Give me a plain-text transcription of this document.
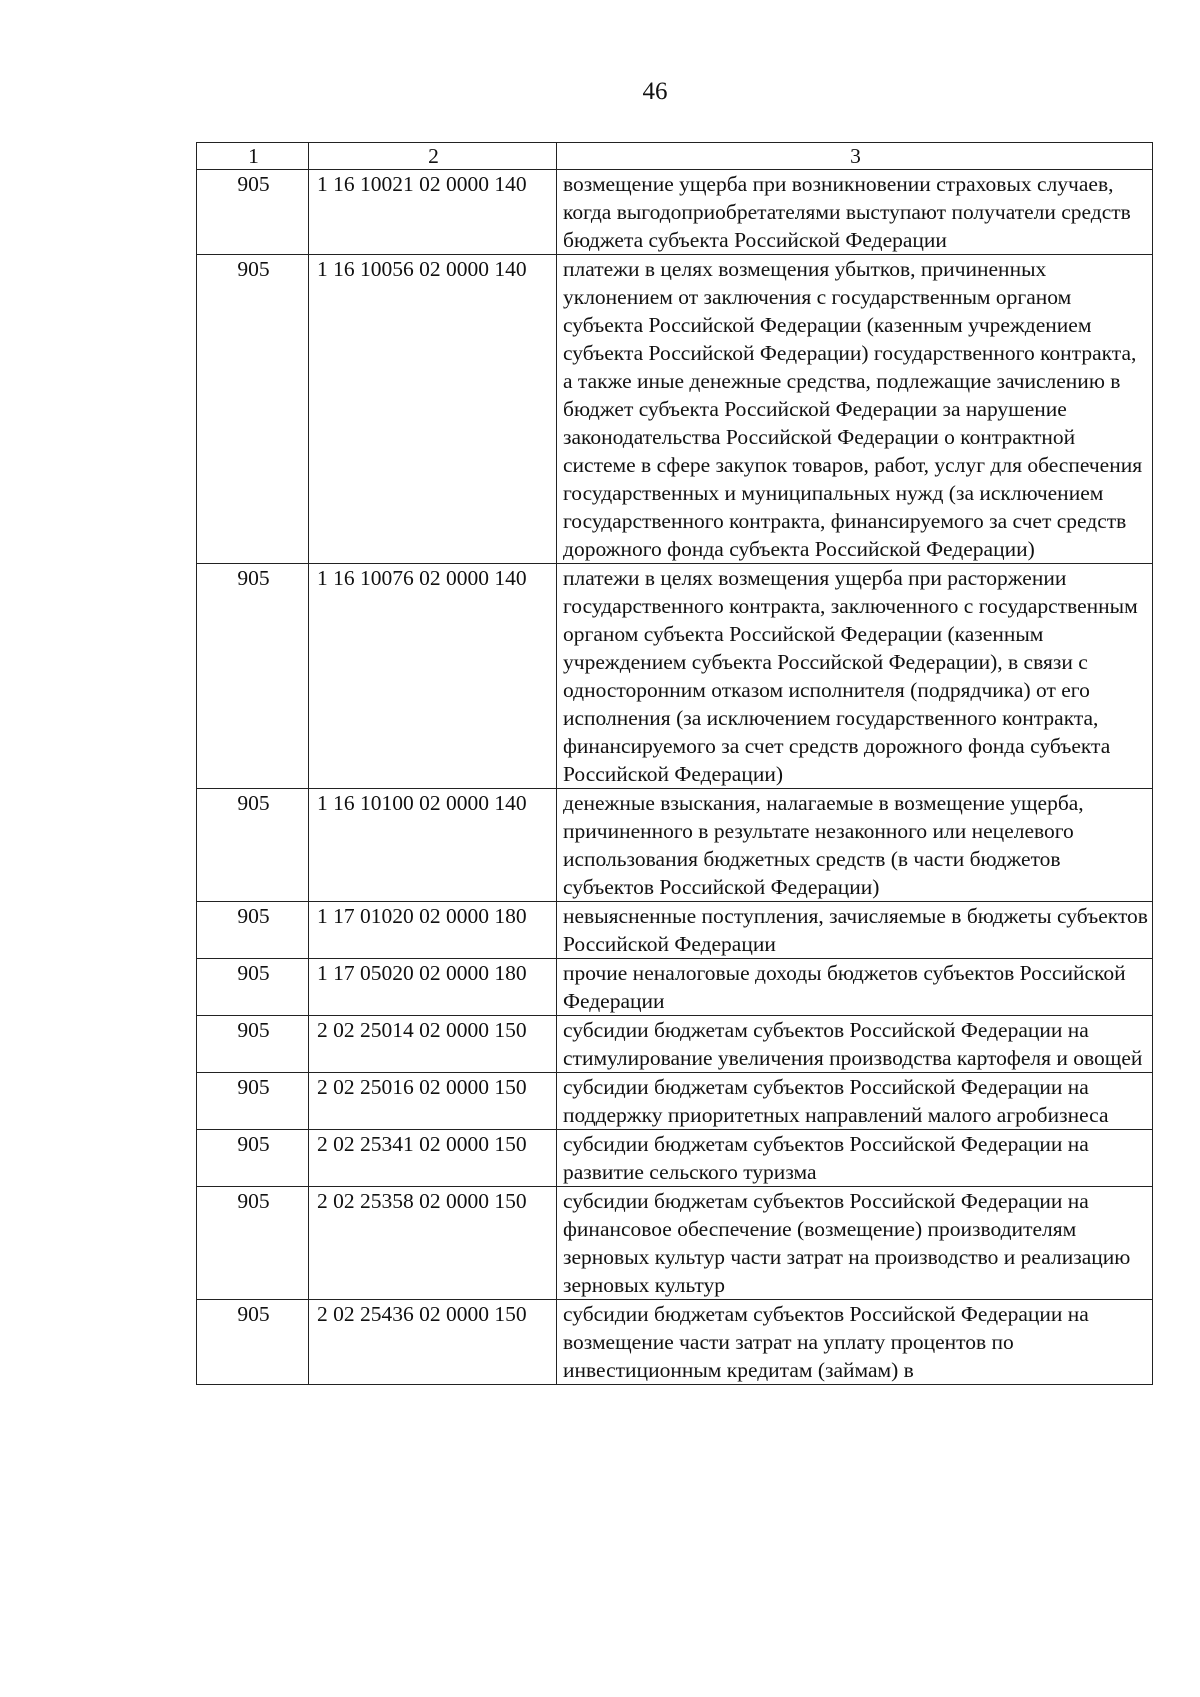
46
1	2	3
905	1 16 10021 02 0000 140	возмещение ущерба при возникновении страховых случаев, когда выгодоприобретателями выступают получатели средств бюджета субъекта Российской Федерации
905	1 16 10056 02 0000 140	платежи в целях возмещения убытков, причиненных уклонением от заключения с государственным органом субъекта Российской Федерации (казенным учреждением субъекта Российской Федерации) государственного контракта, а также иные денежные средства, подлежащие зачислению в бюджет субъекта Российской Федерации за нарушение законодательства Российской Федерации о контрактной системе в сфере закупок товаров, работ, услуг для обеспечения государственных и муниципальных нужд (за исключением государственного контракта, финансируемого за счет средств дорожного фонда субъекта Российской Федерации)
905	1 16 10076 02 0000 140	платежи в целях возмещения ущерба при расторжении государственного контракта, заключенного с государственным органом субъекта Российской Федерации (казенным учреждением субъекта Российской Федерации), в связи с односторонним отказом исполнителя (подрядчика) от его исполнения (за исключением государственного контракта, финансируемого за счет средств дорожного фонда субъекта Российской Федерации)
905	1 16 10100 02 0000 140	денежные взыскания, налагаемые в возмещение ущерба, причиненного в результате незаконного или нецелевого использования бюджетных средств (в части бюджетов субъектов Российской Федерации)
905	1 17 01020 02 0000 180	невыясненные поступления, зачисляемые в бюджеты субъектов Российской Федерации
905	1 17 05020 02 0000 180	прочие неналоговые доходы бюджетов субъектов Российской Федерации
905	2 02 25014 02 0000 150	субсидии бюджетам субъектов Российской Федерации на стимулирование увеличения производства картофеля и овощей
905	2 02 25016 02 0000 150	субсидии бюджетам субъектов Российской Федерации на поддержку приоритетных направлений малого агробизнеса
905	2 02 25341 02 0000 150	субсидии бюджетам субъектов Российской Федерации на развитие сельского туризма
905	2 02 25358 02 0000 150	субсидии бюджетам субъектов Российской Федерации на финансовое обеспечение (возмещение) производителям зерновых культур части затрат на производство и реализацию зерновых культур
905	2 02 25436 02 0000 150	субсидии бюджетам субъектов Российской Федерации на возмещение части затрат на уплату процентов по инвестиционным кредитам (займам) в
